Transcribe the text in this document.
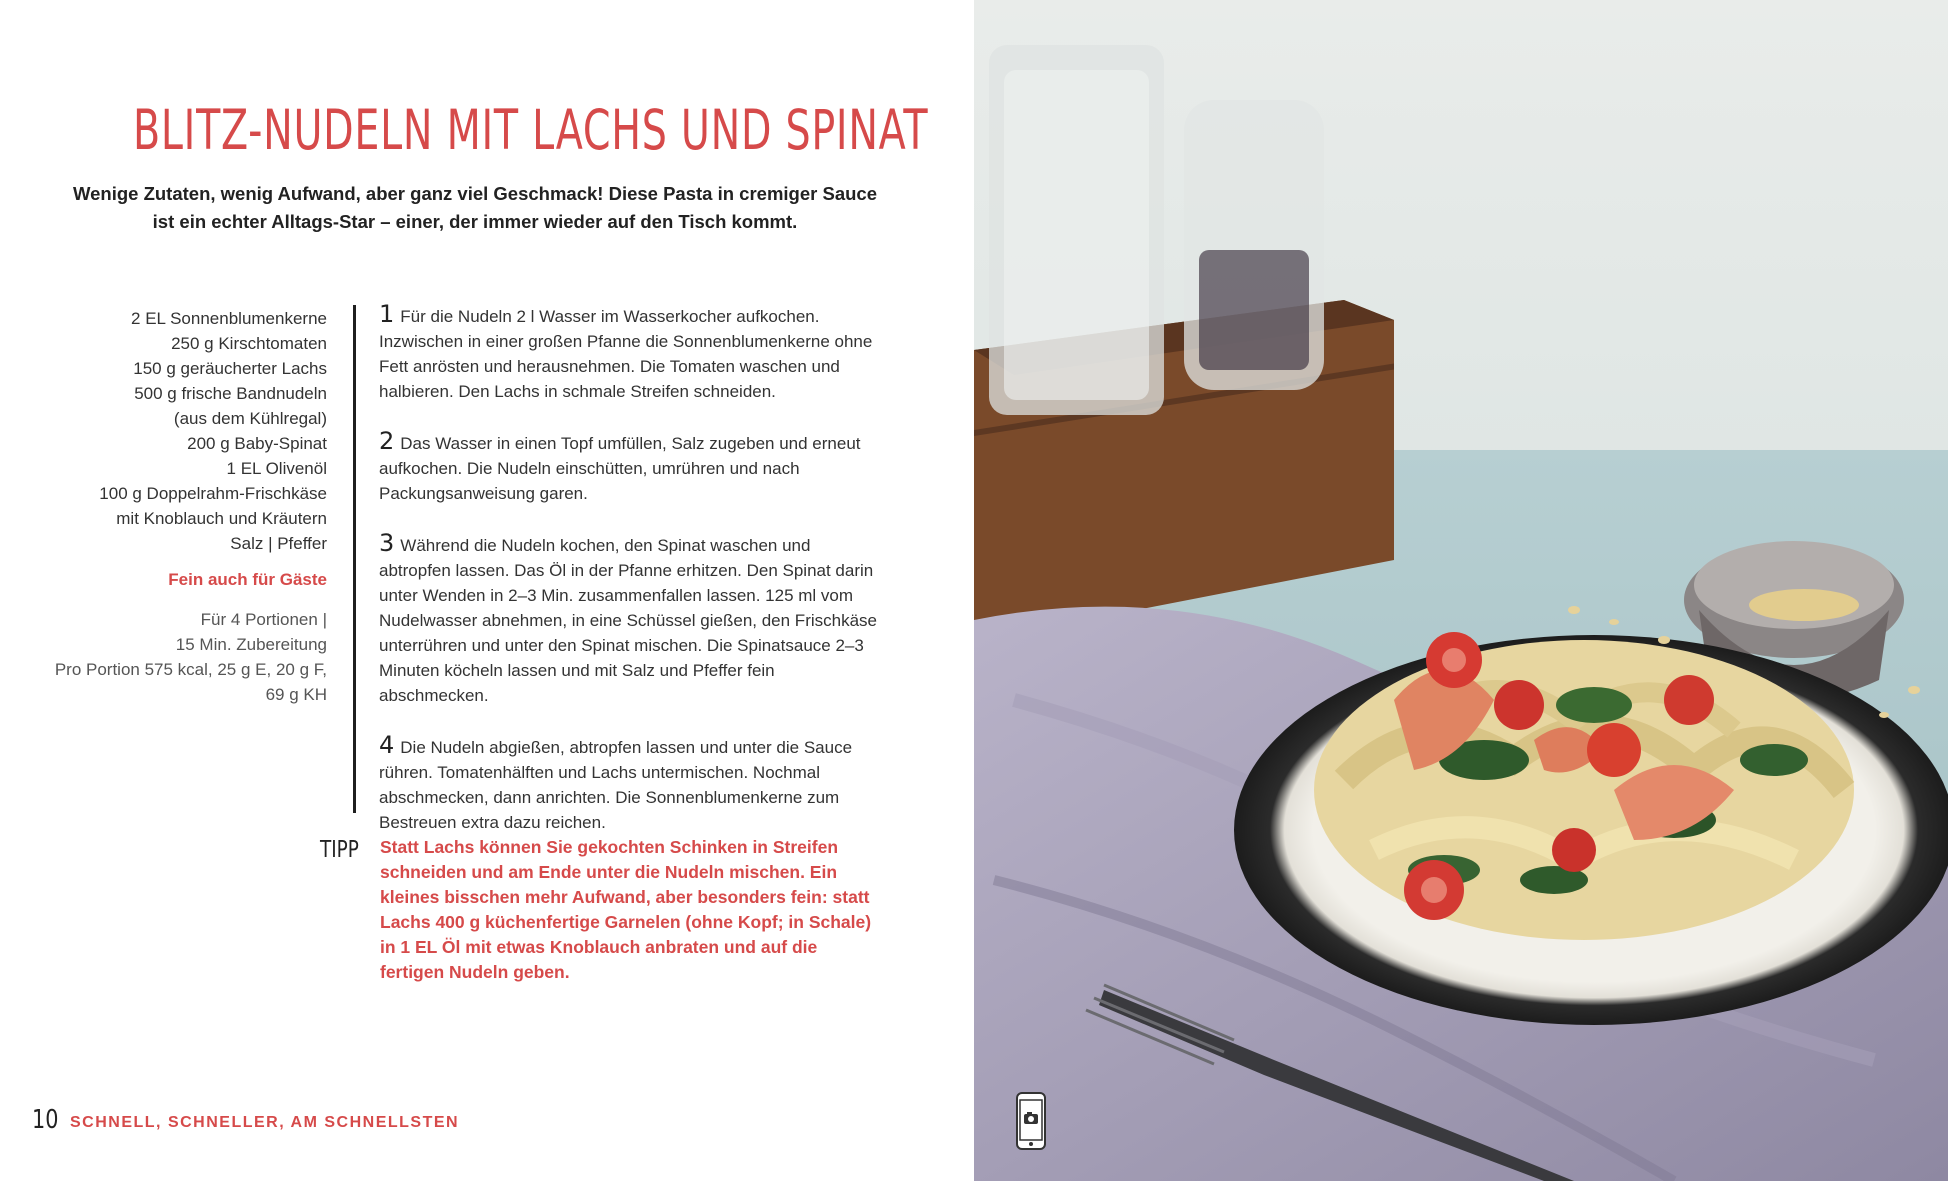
BLITZ-NUDELN MIT LACHS UND SPINAT
Wenige Zutaten, wenig Aufwand, aber ganz viel Geschmack! Diese Pasta in cremiger Sauce ist ein echter Alltags-Star – einer, der immer wieder auf den Tisch kommt.
2 EL Sonnenblumenkerne
250 g Kirschtomaten
150 g geräucherter Lachs
500 g frische Bandnudeln
(aus dem Kühlregal)
200 g Baby-Spinat
1 EL Olivenöl
100 g Doppelrahm-Frischkäse
mit Knoblauch und Kräutern
Salz | Pfeffer
Fein auch für Gäste
Für 4 Portionen |
15 Min. Zubereitung
Pro Portion 575 kcal, 25 g E, 20 g F, 69 g KH
1 Für die Nudeln 2 l Wasser im Wasserkocher aufkochen. Inzwischen in einer großen Pfanne die Sonnenblumenkerne ohne Fett anrösten und herausnehmen. Die Tomaten waschen und halbieren. Den Lachs in schmale Streifen schneiden.
2 Das Wasser in einen Topf umfüllen, Salz zugeben und erneut aufkochen. Die Nudeln einschütten, umrühren und nach Packungsanweisung garen.
3 Während die Nudeln kochen, den Spinat waschen und abtropfen lassen. Das Öl in der Pfanne erhitzen. Den Spinat darin unter Wenden in 2–3 Min. zusammenfallen lassen. 125 ml vom Nudelwasser abnehmen, in eine Schüssel gießen, den Frischkäse unterrühren und unter den Spinat mischen. Die Spinatsauce 2–3 Minuten köcheln lassen und mit Salz und Pfeffer fein abschmecken.
4 Die Nudeln abgießen, abtropfen lassen und unter die Sauce rühren. Tomatenhälften und Lachs untermischen. Nochmal abschmecken, dann anrichten. Die Sonnenblumenkerne zum Bestreuen extra dazu reichen.
TIPP Statt Lachs können Sie gekochten Schinken in Streifen schneiden und am Ende unter die Nudeln mischen. Ein kleines bisschen mehr Aufwand, aber besonders fein: statt Lachs 400 g küchenfertige Garnelen (ohne Kopf; in Schale) in 1 EL Öl mit etwas Knoblauch anbraten und auf die fertigen Nudeln geben.
10 SCHNELL, SCHNELLER, AM SCHNELLSTEN
